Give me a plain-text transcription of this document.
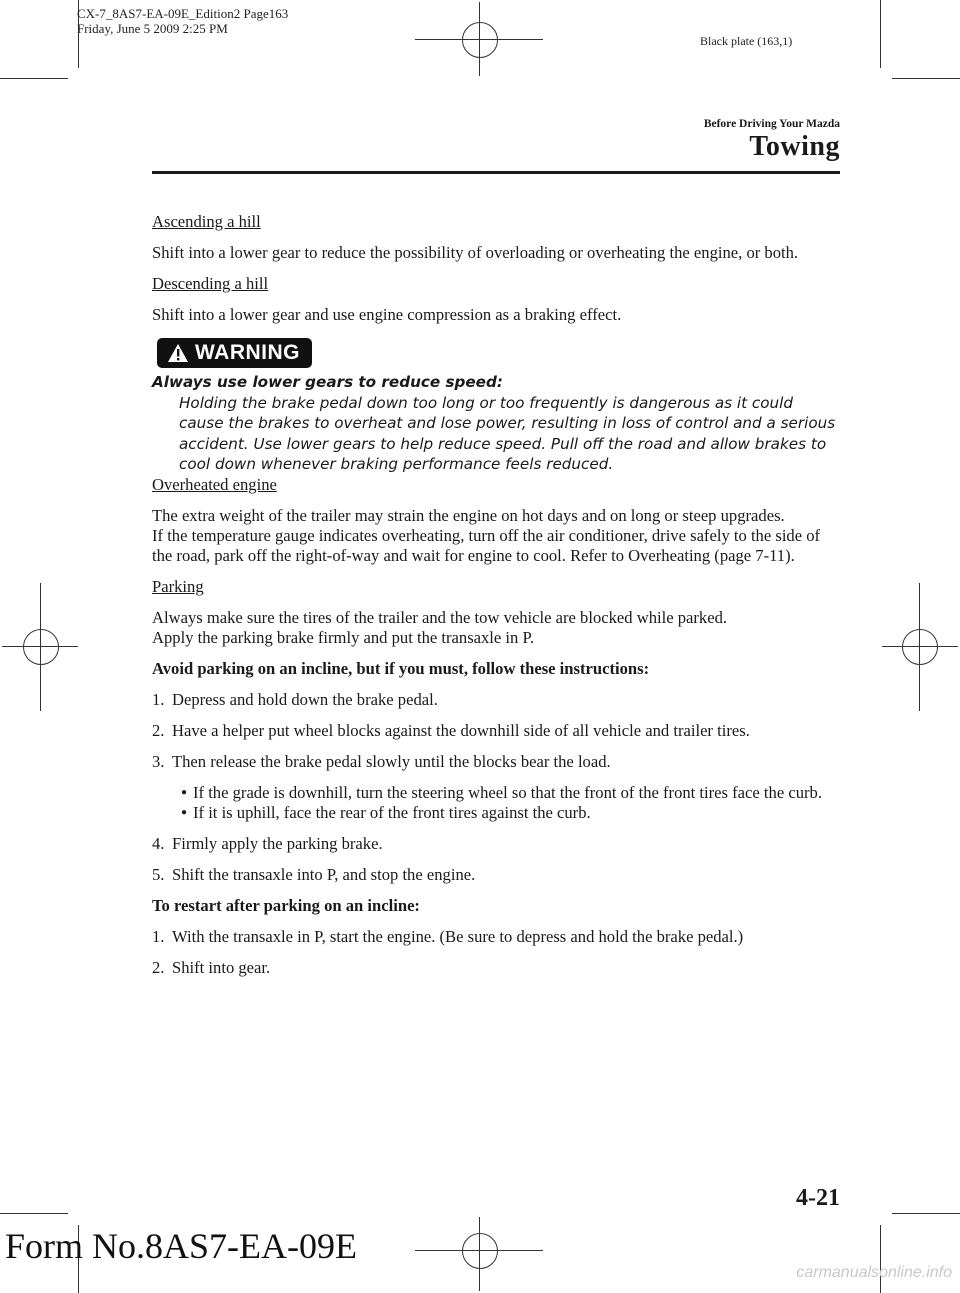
CX-7_8AS7-EA-09E_Edition2 Page163
Friday, June 5 2009 2:25 PM
Black plate (163,1)
Before Driving Your Mazda
Towing

Ascending a hill

Shift into a lower gear to reduce the possibility of overloading or overheating the engine, or both.

Descending a hill

Shift into a lower gear and use engine compression as a braking effect.

WARNING
Always use lower gears to reduce speed:
Holding the brake pedal down too long or too frequently is dangerous as it could cause the brakes to overheat and lose power, resulting in loss of control and a serious accident. Use lower gears to help reduce speed. Pull off the road and allow brakes to cool down whenever braking performance feels reduced.

Overheated engine

The extra weight of the trailer may strain the engine on hot days and on long or steep upgrades.

If the temperature gauge indicates overheating, turn off the air conditioner, drive safely to the side of the road, park off the right-of-way and wait for engine to cool. Refer to Overheating (page 7-11).

Parking

Always make sure the tires of the trailer and the tow vehicle are blocked while parked.

Apply the parking brake firmly and put the transaxle in P.

Avoid parking on an incline, but if you must, follow these instructions:

1. Depress and hold down the brake pedal.
2. Have a helper put wheel blocks against the downhill side of all vehicle and trailer tires.
3. Then release the brake pedal slowly until the blocks bear the load.
● If the grade is downhill, turn the steering wheel so that the front of the front tires face the curb.
● If it is uphill, face the rear of the front tires against the curb.
4. Firmly apply the parking brake.
5. Shift the transaxle into P, and stop the engine.

To restart after parking on an incline:

1. With the transaxle in P, start the engine. (Be sure to depress and hold the brake pedal.)
2. Shift into gear.
4-21
Form No.8AS7-EA-09E
carmanualsonline.info
